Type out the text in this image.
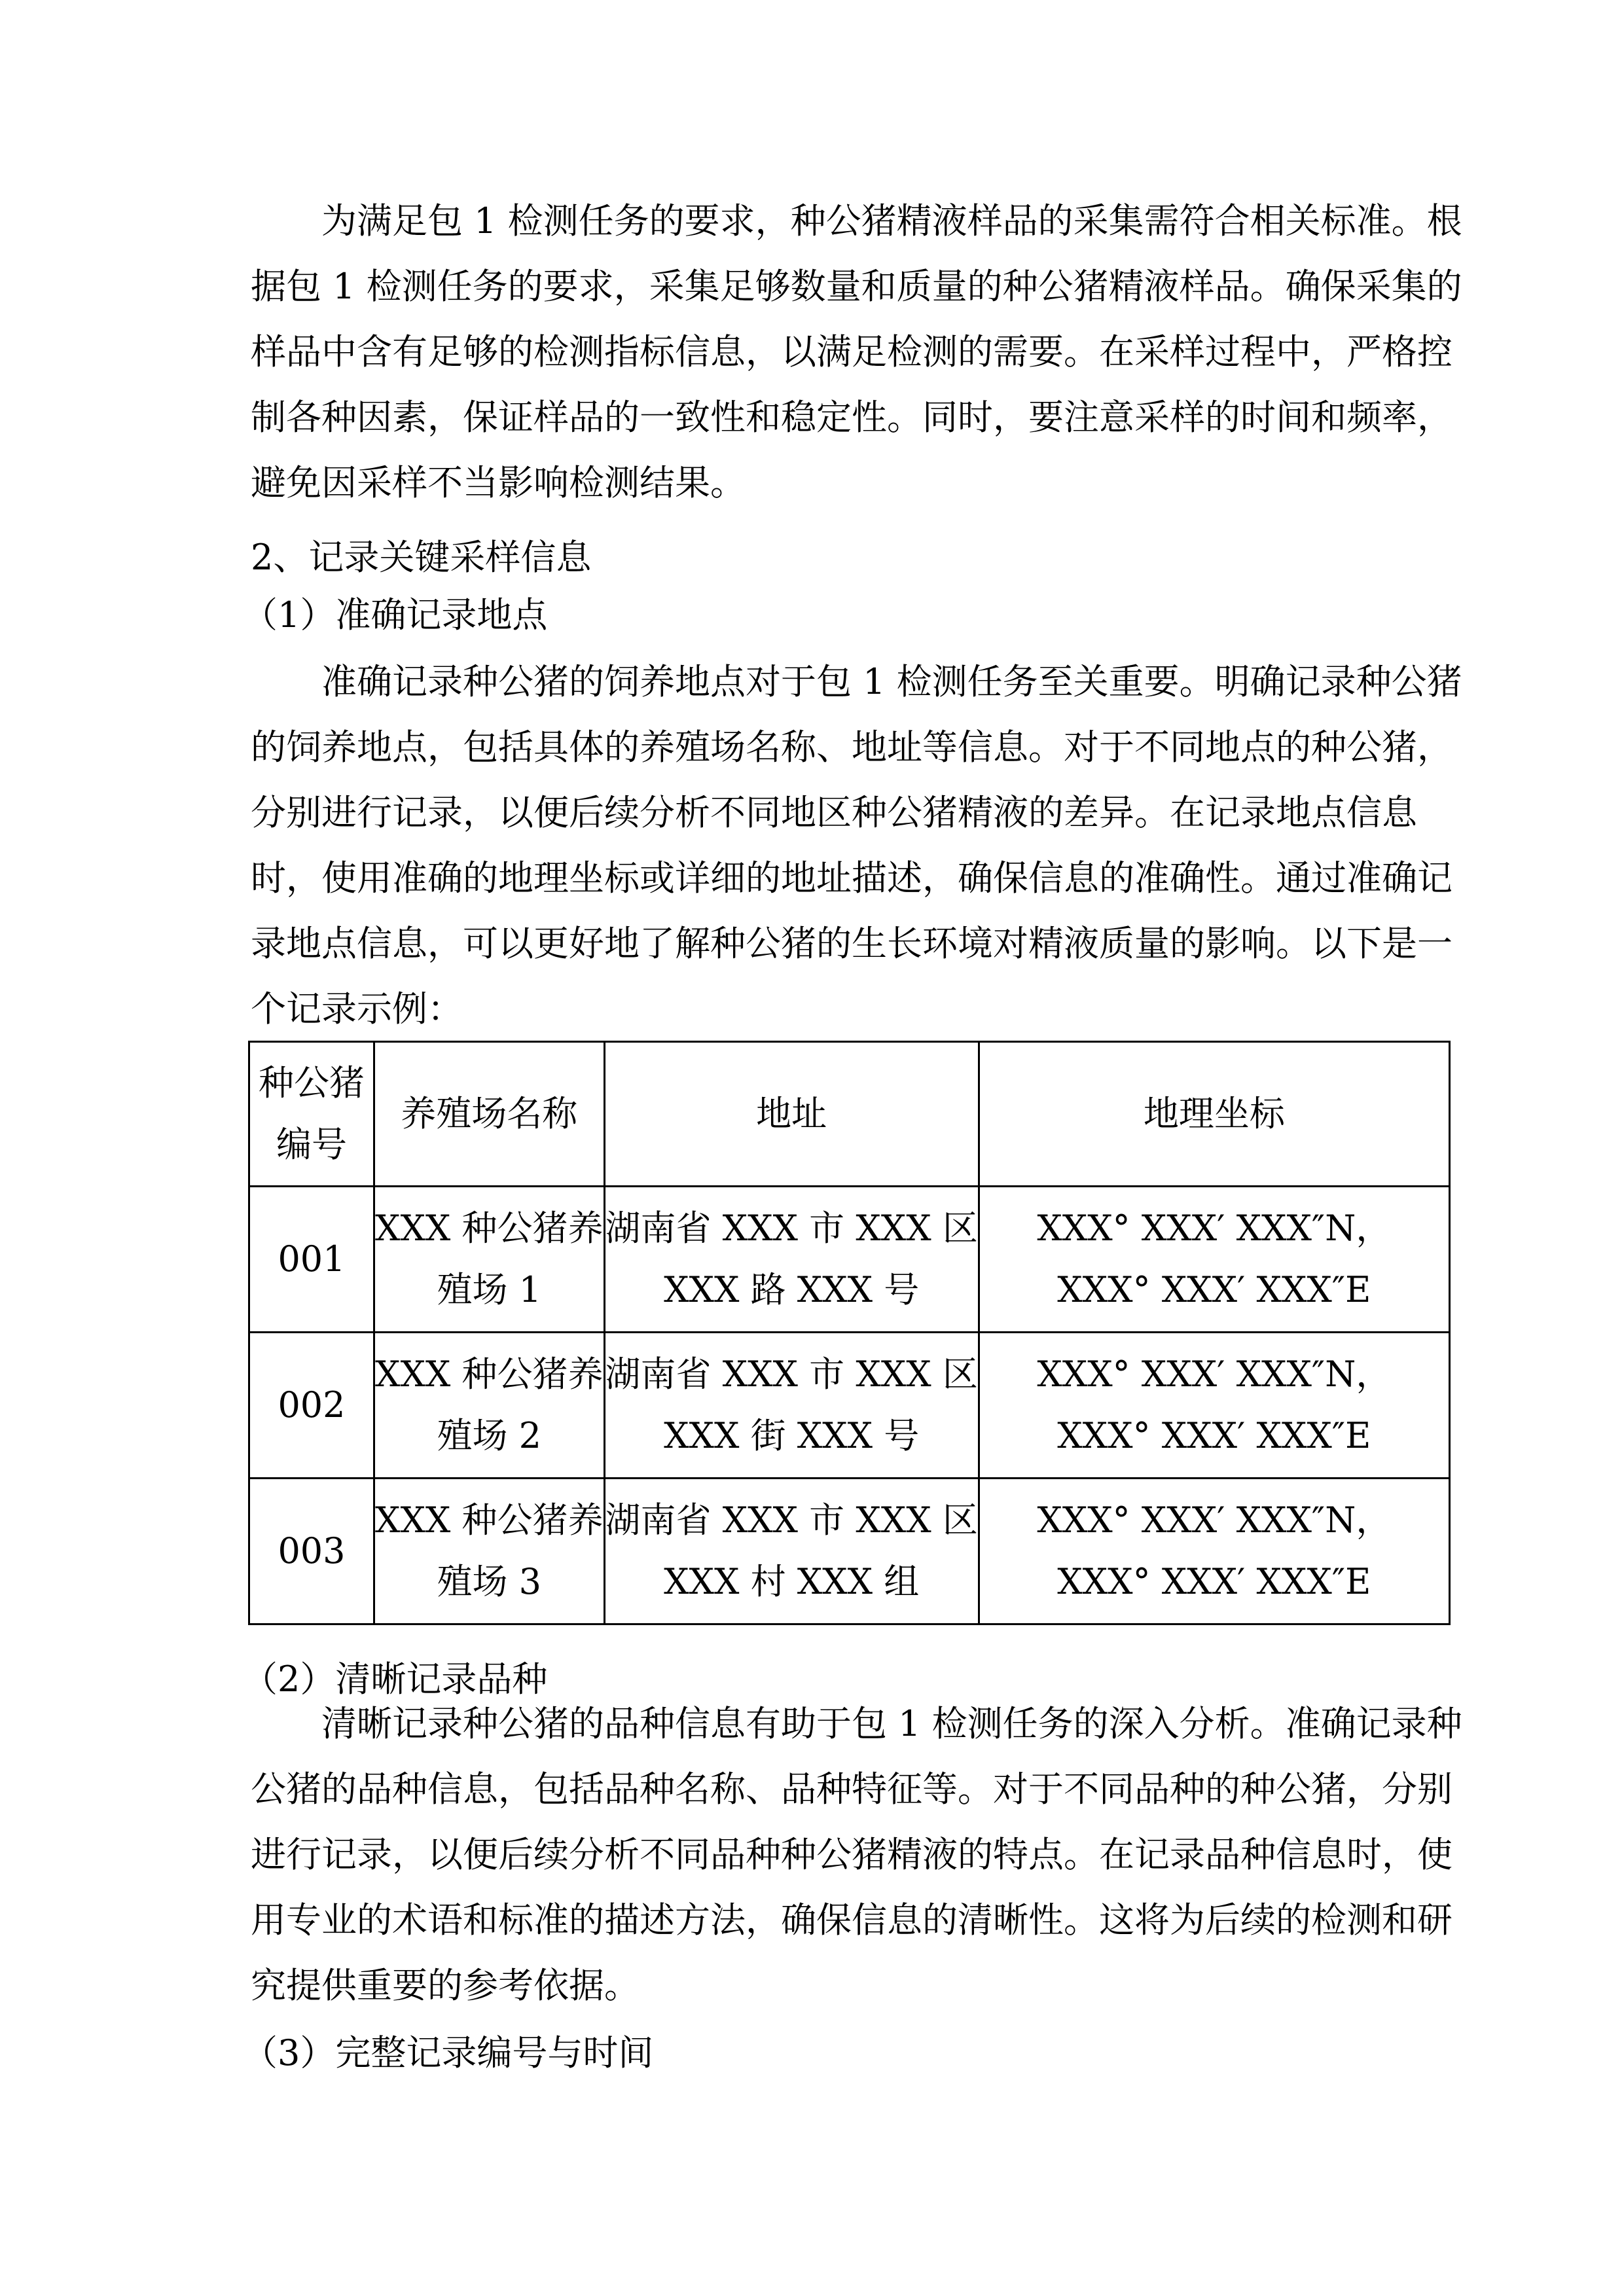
为满足包 1 检测任务的要求，种公猪精液样品的采集需符合相关标准。根
据包 1 检测任务的要求，采集足够数量和质量的种公猪精液样品。确保采集的
样品中含有足够的检测指标信息，以满足检测的需要。在采样过程中，严格控
制各种因素，保证样品的一致性和稳定性。同时，要注意采样的时间和频率，
避免因采样不当影响检测结果。
2、记录关键采样信息
（1）准确记录地点
准确记录种公猪的饲养地点对于包 1 检测任务至关重要。明确记录种公猪
的饲养地点，包括具体的养殖场名称、地址等信息。对于不同地点的种公猪，
分别进行记录，以便后续分析不同地区种公猪精液的差异。在记录地点信息
时，使用准确的地理坐标或详细的地址描述，确保信息的准确性。通过准确记
录地点信息，可以更好地了解种公猪的生长环境对精液质量的影响。以下是一
个记录示例：
种公猪
编号	养殖场名称	地址	地理坐标

001	XXX 种公猪养
殖场 1	湖南省 XXX 市 XXX 区
XXX 路 XXX 号	XXX° XXX′ XXX″N，
XXX° XXX′ XXX″E

002	XXX 种公猪养
殖场 2	湖南省 XXX 市 XXX 区
XXX 街 XXX 号	XXX° XXX′ XXX″N，
XXX° XXX′ XXX″E

003	XXX 种公猪养
殖场 3	湖南省 XXX 市 XXX 区
XXX 村 XXX 组	XXX° XXX′ XXX″N，
XXX° XXX′ XXX″E
（2）清晰记录品种
清晰记录种公猪的品种信息有助于包 1 检测任务的深入分析。准确记录种
公猪的品种信息，包括品种名称、品种特征等。对于不同品种的种公猪，分别
进行记录，以便后续分析不同品种种公猪精液的特点。在记录品种信息时，使
用专业的术语和标准的描述方法，确保信息的清晰性。这将为后续的检测和研
究提供重要的参考依据。
（3）完整记录编号与时间
